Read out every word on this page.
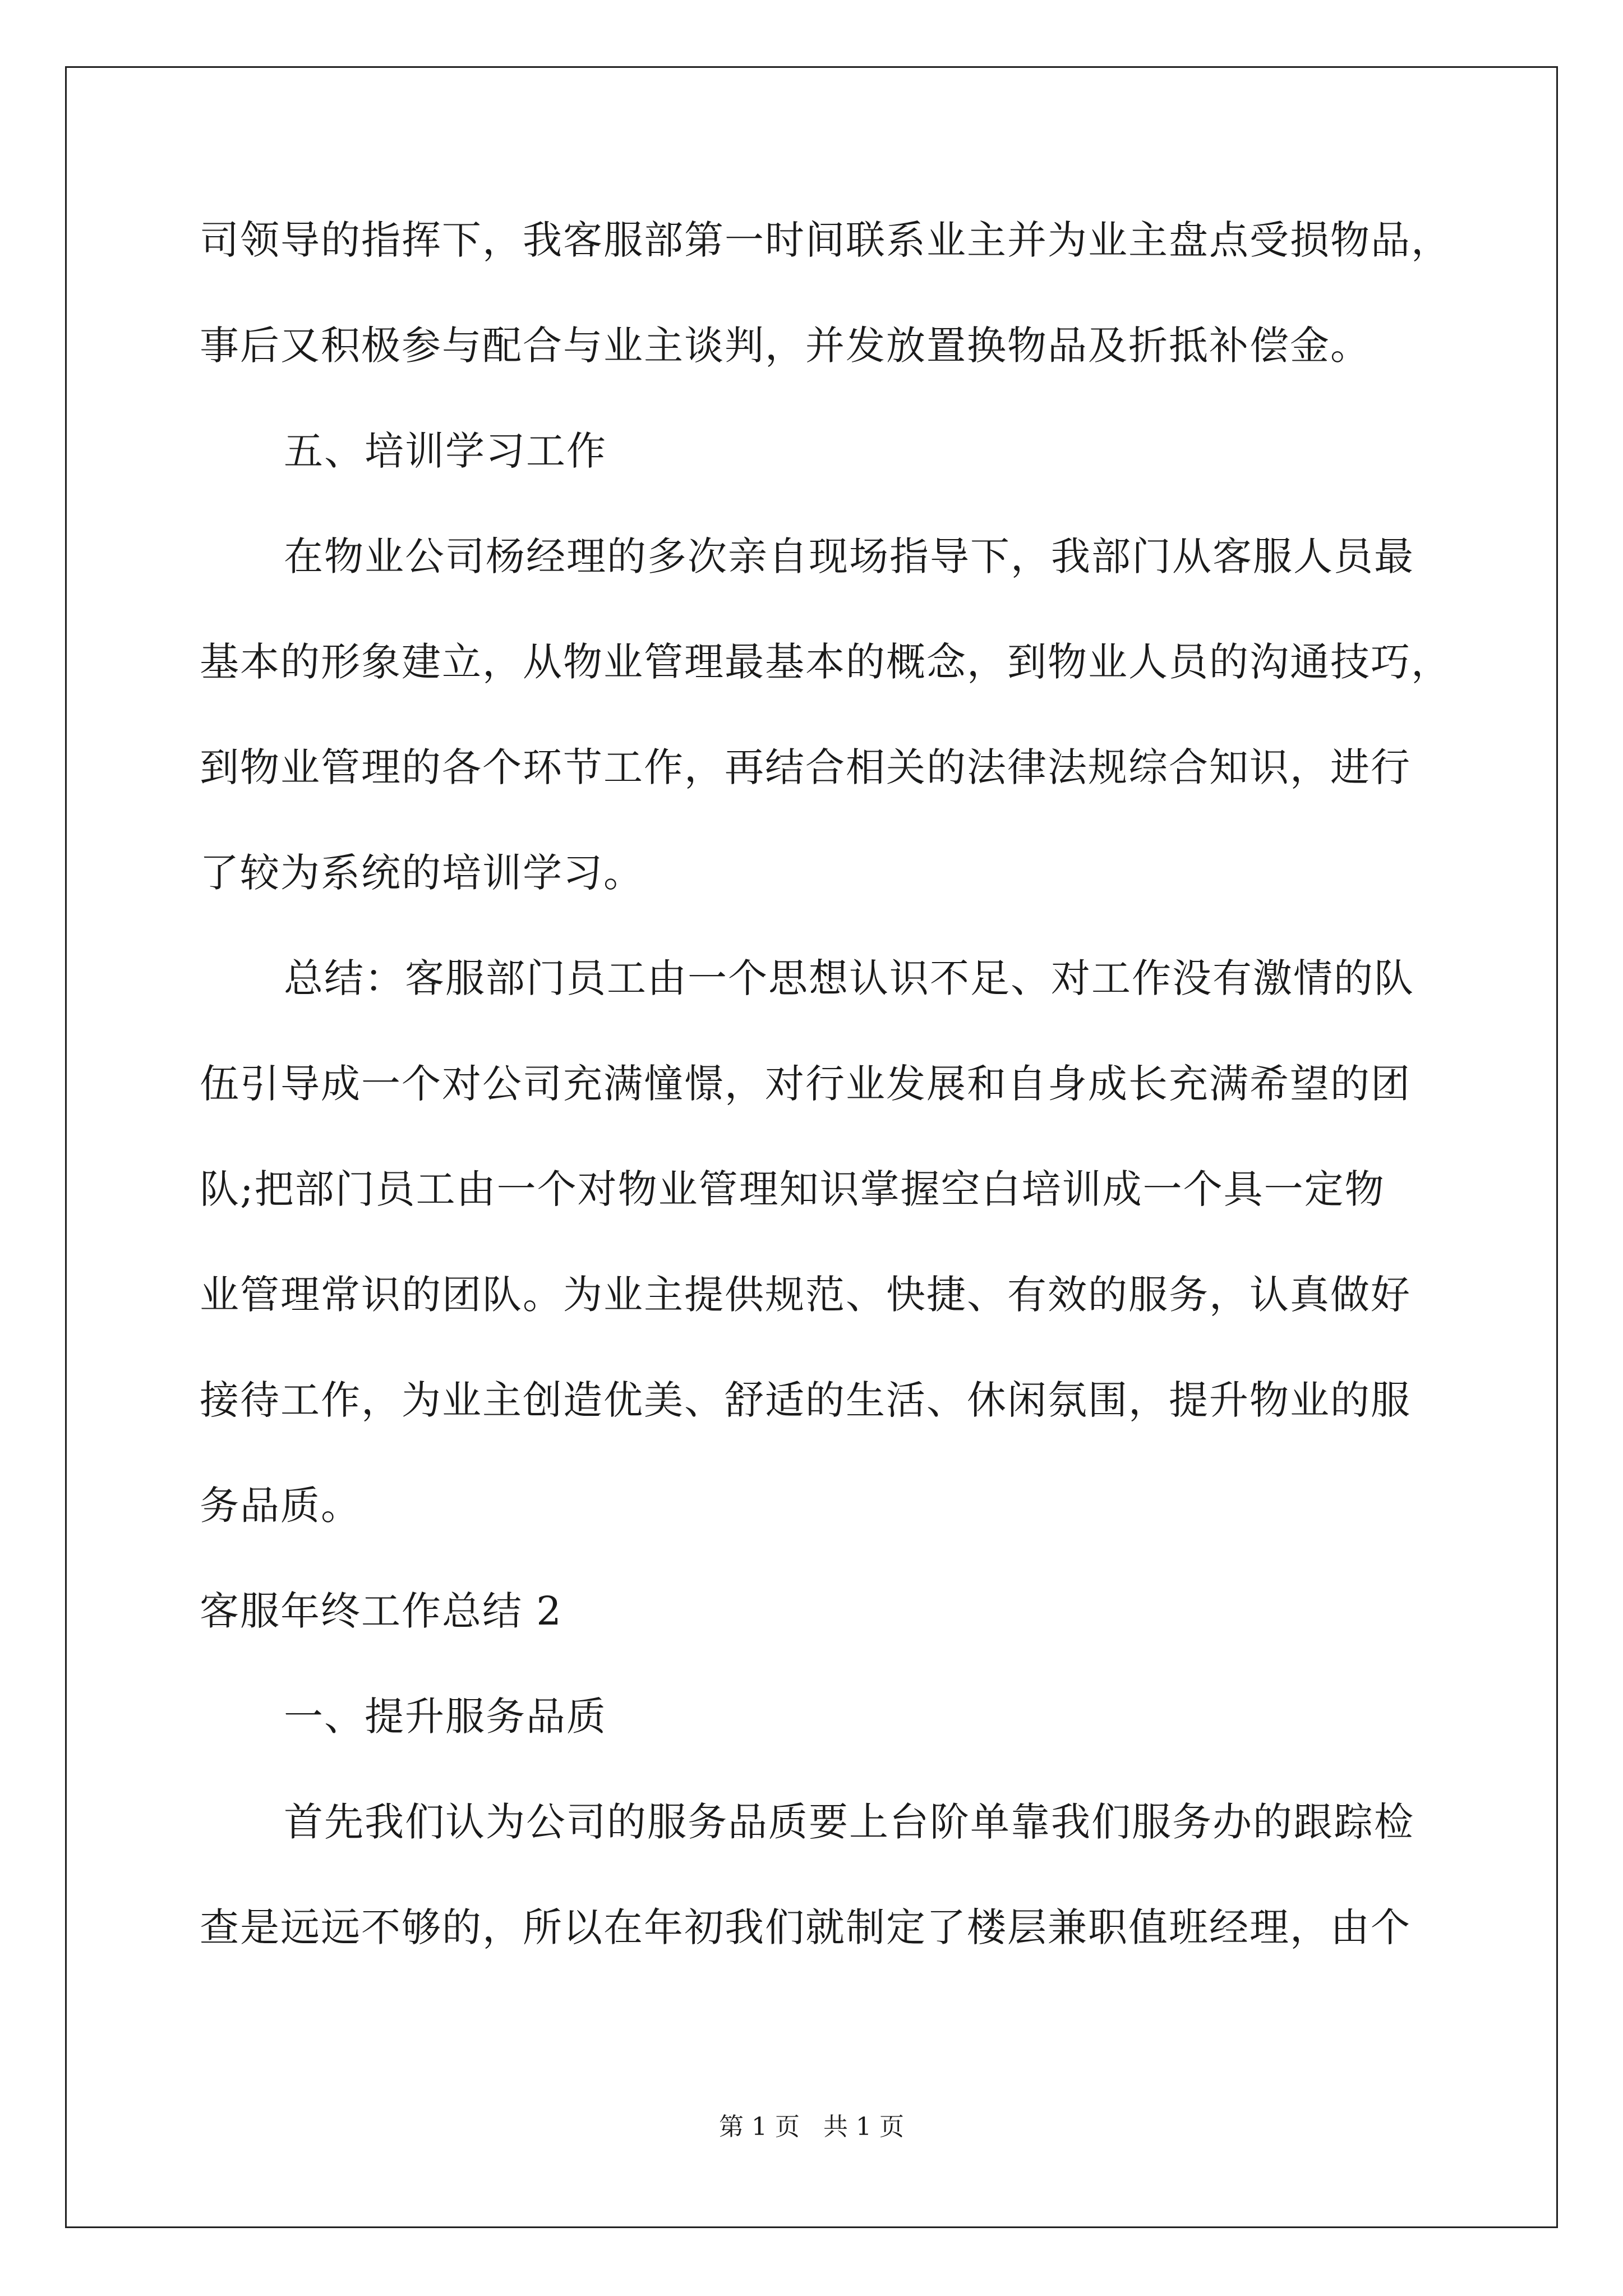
司领导的指挥下，我客服部第一时间联系业主并为业主盘点受损物品，
事后又积极参与配合与业主谈判，并发放置换物品及折抵补偿金。
五、培训学习工作
在物业公司杨经理的多次亲自现场指导下，我部门从客服人员最
基本的形象建立，从物业管理最基本的概念，到物业人员的沟通技巧，
到物业管理的各个环节工作，再结合相关的法律法规综合知识，进行
了较为系统的培训学习。
总结：客服部门员工由一个思想认识不足、对工作没有激情的队
伍引导成一个对公司充满憧憬，对行业发展和自身成长充满希望的团
队;把部门员工由一个对物业管理知识掌握空白培训成一个具一定物
业管理常识的团队。为业主提供规范、快捷、有效的服务，认真做好
接待工作，为业主创造优美、舒适的生活、休闲氛围，提升物业的服
务品质。
客服年终工作总结 2
一、提升服务品质
首先我们认为公司的服务品质要上台阶单靠我们服务办的跟踪检
查是远远不够的，所以在年初我们就制定了楼层兼职值班经理，由个
第 1 页   共 1 页
